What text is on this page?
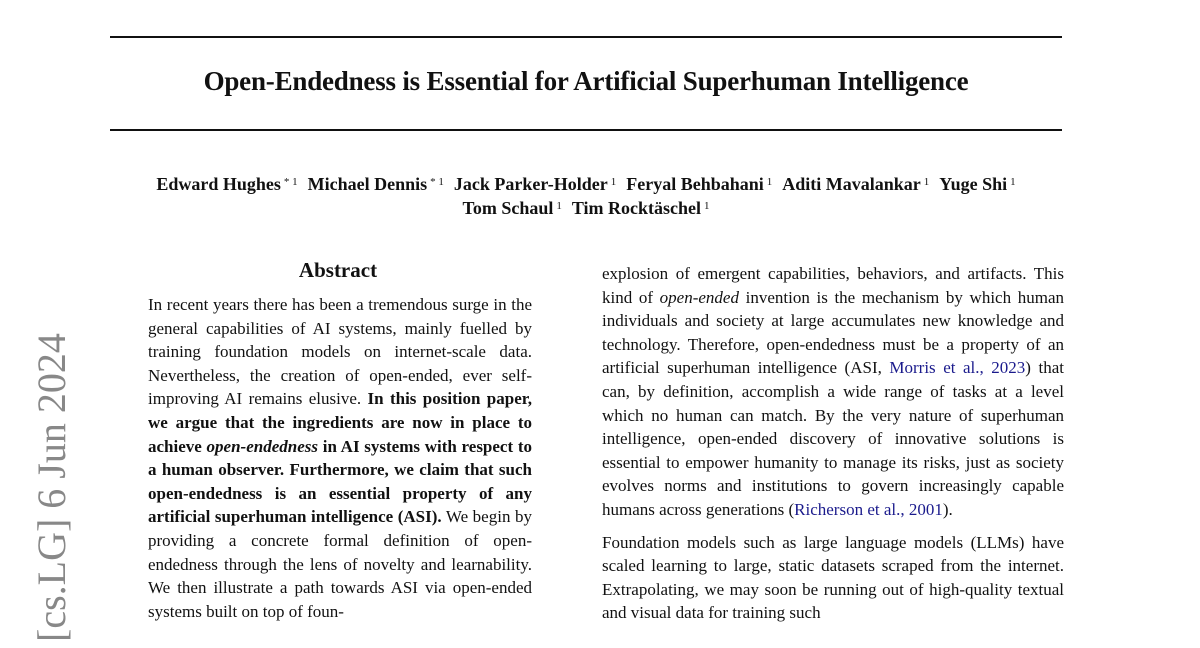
Open-Endedness is Essential for Artificial Superhuman Intelligence
Edward Hughes $^{* 1}$ Michael Dennis $^{* 1}$ Jack Parker-Holder $^1$ Feryal Behbahani $^1$ Aditi Mavalankar $^1$ Yuge Shi $^1$
Tom Schaul $^1$ Tim Rocktäschel $^1$
[cs.LG] 6 Jun 2024
Abstract
In recent years there has been a tremendous surge in the general capabilities of AI systems, mainly fuelled by training foundation models on internet-scale data. Nevertheless, the creation of open-ended, ever self-improving AI remains elusive. In this position paper, we argue that the ingredients are now in place to achieve open-endedness in AI systems with respect to a human observer. Furthermore, we claim that such open-endedness is an essential property of any artificial superhuman intelligence (ASI). We begin by providing a concrete formal definition of open-endedness through the lens of novelty and learnability. We then illustrate a path towards ASI via open-ended systems built on top of foun-

explosion of emergent capabilities, behaviors, and artifacts. This kind of open-ended invention is the mechanism by which human individuals and society at large accumulates new knowledge and technology. Therefore, open-endedness must be a property of an artificial superhuman intelligence (ASI, Morris et al., 2023) that can, by definition, accomplish a wide range of tasks at a level which no human can match. By the very nature of superhuman intelligence, open-ended discovery of innovative solutions is essential to empower humanity to manage its risks, just as society evolves norms and institutions to govern increasingly capable humans across generations (Richerson et al., 2001).

Foundation models such as large language models (LLMs) have scaled learning to large, static datasets scraped from the internet. Extrapolating, we may soon be running out of high-quality textual and visual data for training such
